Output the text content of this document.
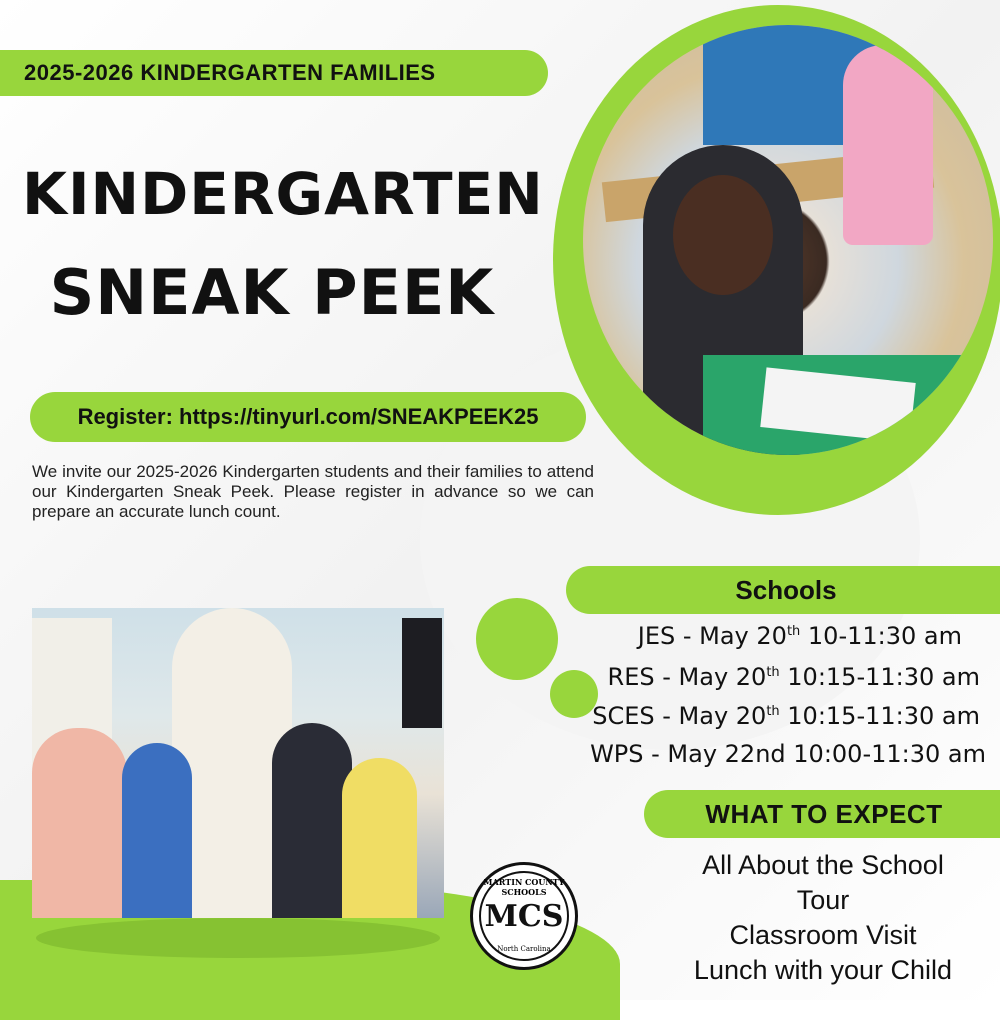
2025-2026 KINDERGARTEN FAMILIES
KINDERGARTEN
SNEAK PEEK
Register: https://tinyurl.com/SNEAKPEEK25
We invite our 2025-2026 Kindergarten students and their families to attend our Kindergarten Sneak Peek. Please register in advance so we can prepare an accurate lunch count.
Schools
JES - May 20th 10-11:30 am
RES - May 20th 10:15-11:30 am
SCES - May 20th 10:15-11:30 am
WPS - May 22nd 10:00-11:30 am
WHAT TO EXPECT
All About the School
Tour
Classroom Visit
Lunch with your Child
MARTIN COUNTY SCHOOLS
MCS
North Carolina
